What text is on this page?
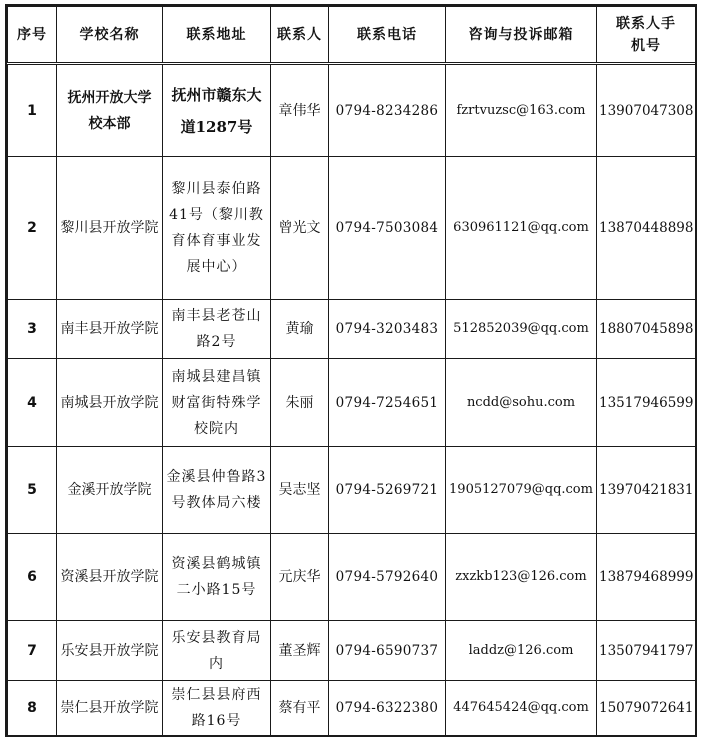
序号	学校名称	联系地址	联系人	联系电话	咨询与投诉邮箱	联系人手机号
1	抚州开放大学校本部	抚州市赣东大道1287号	章伟华	0794-8234286	fzrtvuzsc@163.com	13907047308
2	黎川县开放学院	黎川县泰伯路41号（黎川教育体育事业发展中心）	曾光文	0794-7503084	630961121@qq.com	13870448898
3	南丰县开放学院	南丰县老苍山路2号	黄瑜	0794-3203483	512852039@qq.com	18807045898
4	南城县开放学院	南城县建昌镇财富街特殊学校院内	朱丽	0794-7254651	ncdd@sohu.com	13517946599
5	金溪开放学院	金溪县仲鲁路3号教体局六楼	吴志坚	0794-5269721	1905127079@qq.com	13970421831
6	资溪县开放学院	资溪县鹤城镇二小路15号	元庆华	0794-5792640	zxzkb123@126.com	13879468999
7	乐安县开放学院	乐安县教育局内	董圣辉	0794-6590737	laddz@126.com	13507941797
8	崇仁县开放学院	崇仁县县府西路16号	蔡有平	0794-6322380	447645424@qq.com	15079072641
